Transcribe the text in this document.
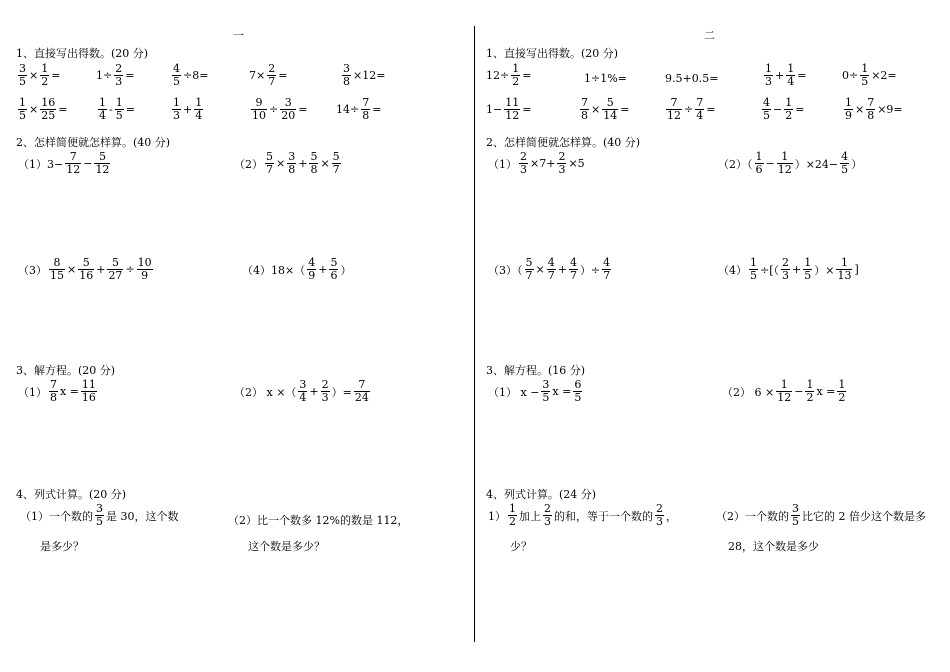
一
1、直接写出得数。(20 分)
$\frac{3}{5} \times \frac{1}{2}$ =	$1\div \frac{2}{3}$ =	$\frac{4}{5} \div 8=$	$7\times \frac{2}{7}$ =	$\frac{3}{8} \times 12=$
$\frac{1}{5} \times \frac{16}{25}$ =	$\frac{1}{4} - \frac{1}{5}$ =	$\frac{1}{3} + \frac{1}{4}$	$\frac{9}{10} \div \frac{3}{20}$ =	$14\div \frac{7}{8}$ =
2、怎样简便就怎样算。(40 分)
$(1)3- \frac{7}{12} - \frac{5}{12}$	$(2) \frac{5}{7} \times \frac{3}{8} + \frac{5}{8} \times \frac{5}{7}$
$(3) \frac{8}{15} \times \frac{5}{16} + \frac{5}{27} \div \frac{10}{9}$	$(4)18\times( \frac{4}{9} + \frac{5}{6}$ ）
3、解方程。(20 分)
$(1) \frac{7}{8}$ $x = \frac{11}{16}$	（2） x ×（ $\frac{3}{4} + \frac{2}{3}$ ）= $\frac{7}{24}$
4、列式计算。(20 分)
（1）一个数的 $\frac{3}{5}$ 是 30，这个数
是多少？
（2）比一个数多 12%的数是 112，
这个数是多少？
二
1、直接写出得数。(20 分)
$12\div \frac{1}{2}$ =	1÷1%=	9.5+0.5=	$\frac{1}{3} + \frac{1}{4}$ =	$0\div \frac{1}{5} \times 2=$
$1- \frac{11}{12}$ =	$\frac{7}{8} \times \frac{5}{14}$ =	$\frac{7}{12} \div \frac{7}{4}$ =	$\frac{4}{5} - \frac{1}{2}$ =	$\frac{1}{9} \times \frac{7}{8} \times 9=$
2、怎样简便就怎样算。(40 分)
$(1) \frac{2}{3} \times 7+ \frac{2}{3} \times 5$	$(2)( \frac{1}{6} - \frac{1}{12} )\times 24- \frac{4}{5}$ ）
$(3)( \frac{5}{7} \times \frac{4}{7} + \frac{4}{7}$ ）÷ $\frac{4}{7}$	$(4) \frac{1}{5}$ ÷[（ $\frac{2}{3} + \frac{1}{5}$ ）× $\frac{1}{13}$ ]
3、解方程。(16 分)
（1） $x - \frac{3}{5}$ $x = \frac{6}{5}$	（2） $6 \times \frac{1}{12} - \frac{1}{2}$ $x = \frac{1}{2}$
4、列式计算。(24 分)
$1) \frac{1}{2}$ 加上 $\frac{2}{3}$ 的和，等于一个数的 $\frac{2}{3}$ ，
少？
（2）一个数的 $\frac{3}{5}$ 比它的 2 倍少这个数是多
28，这个数是多少
